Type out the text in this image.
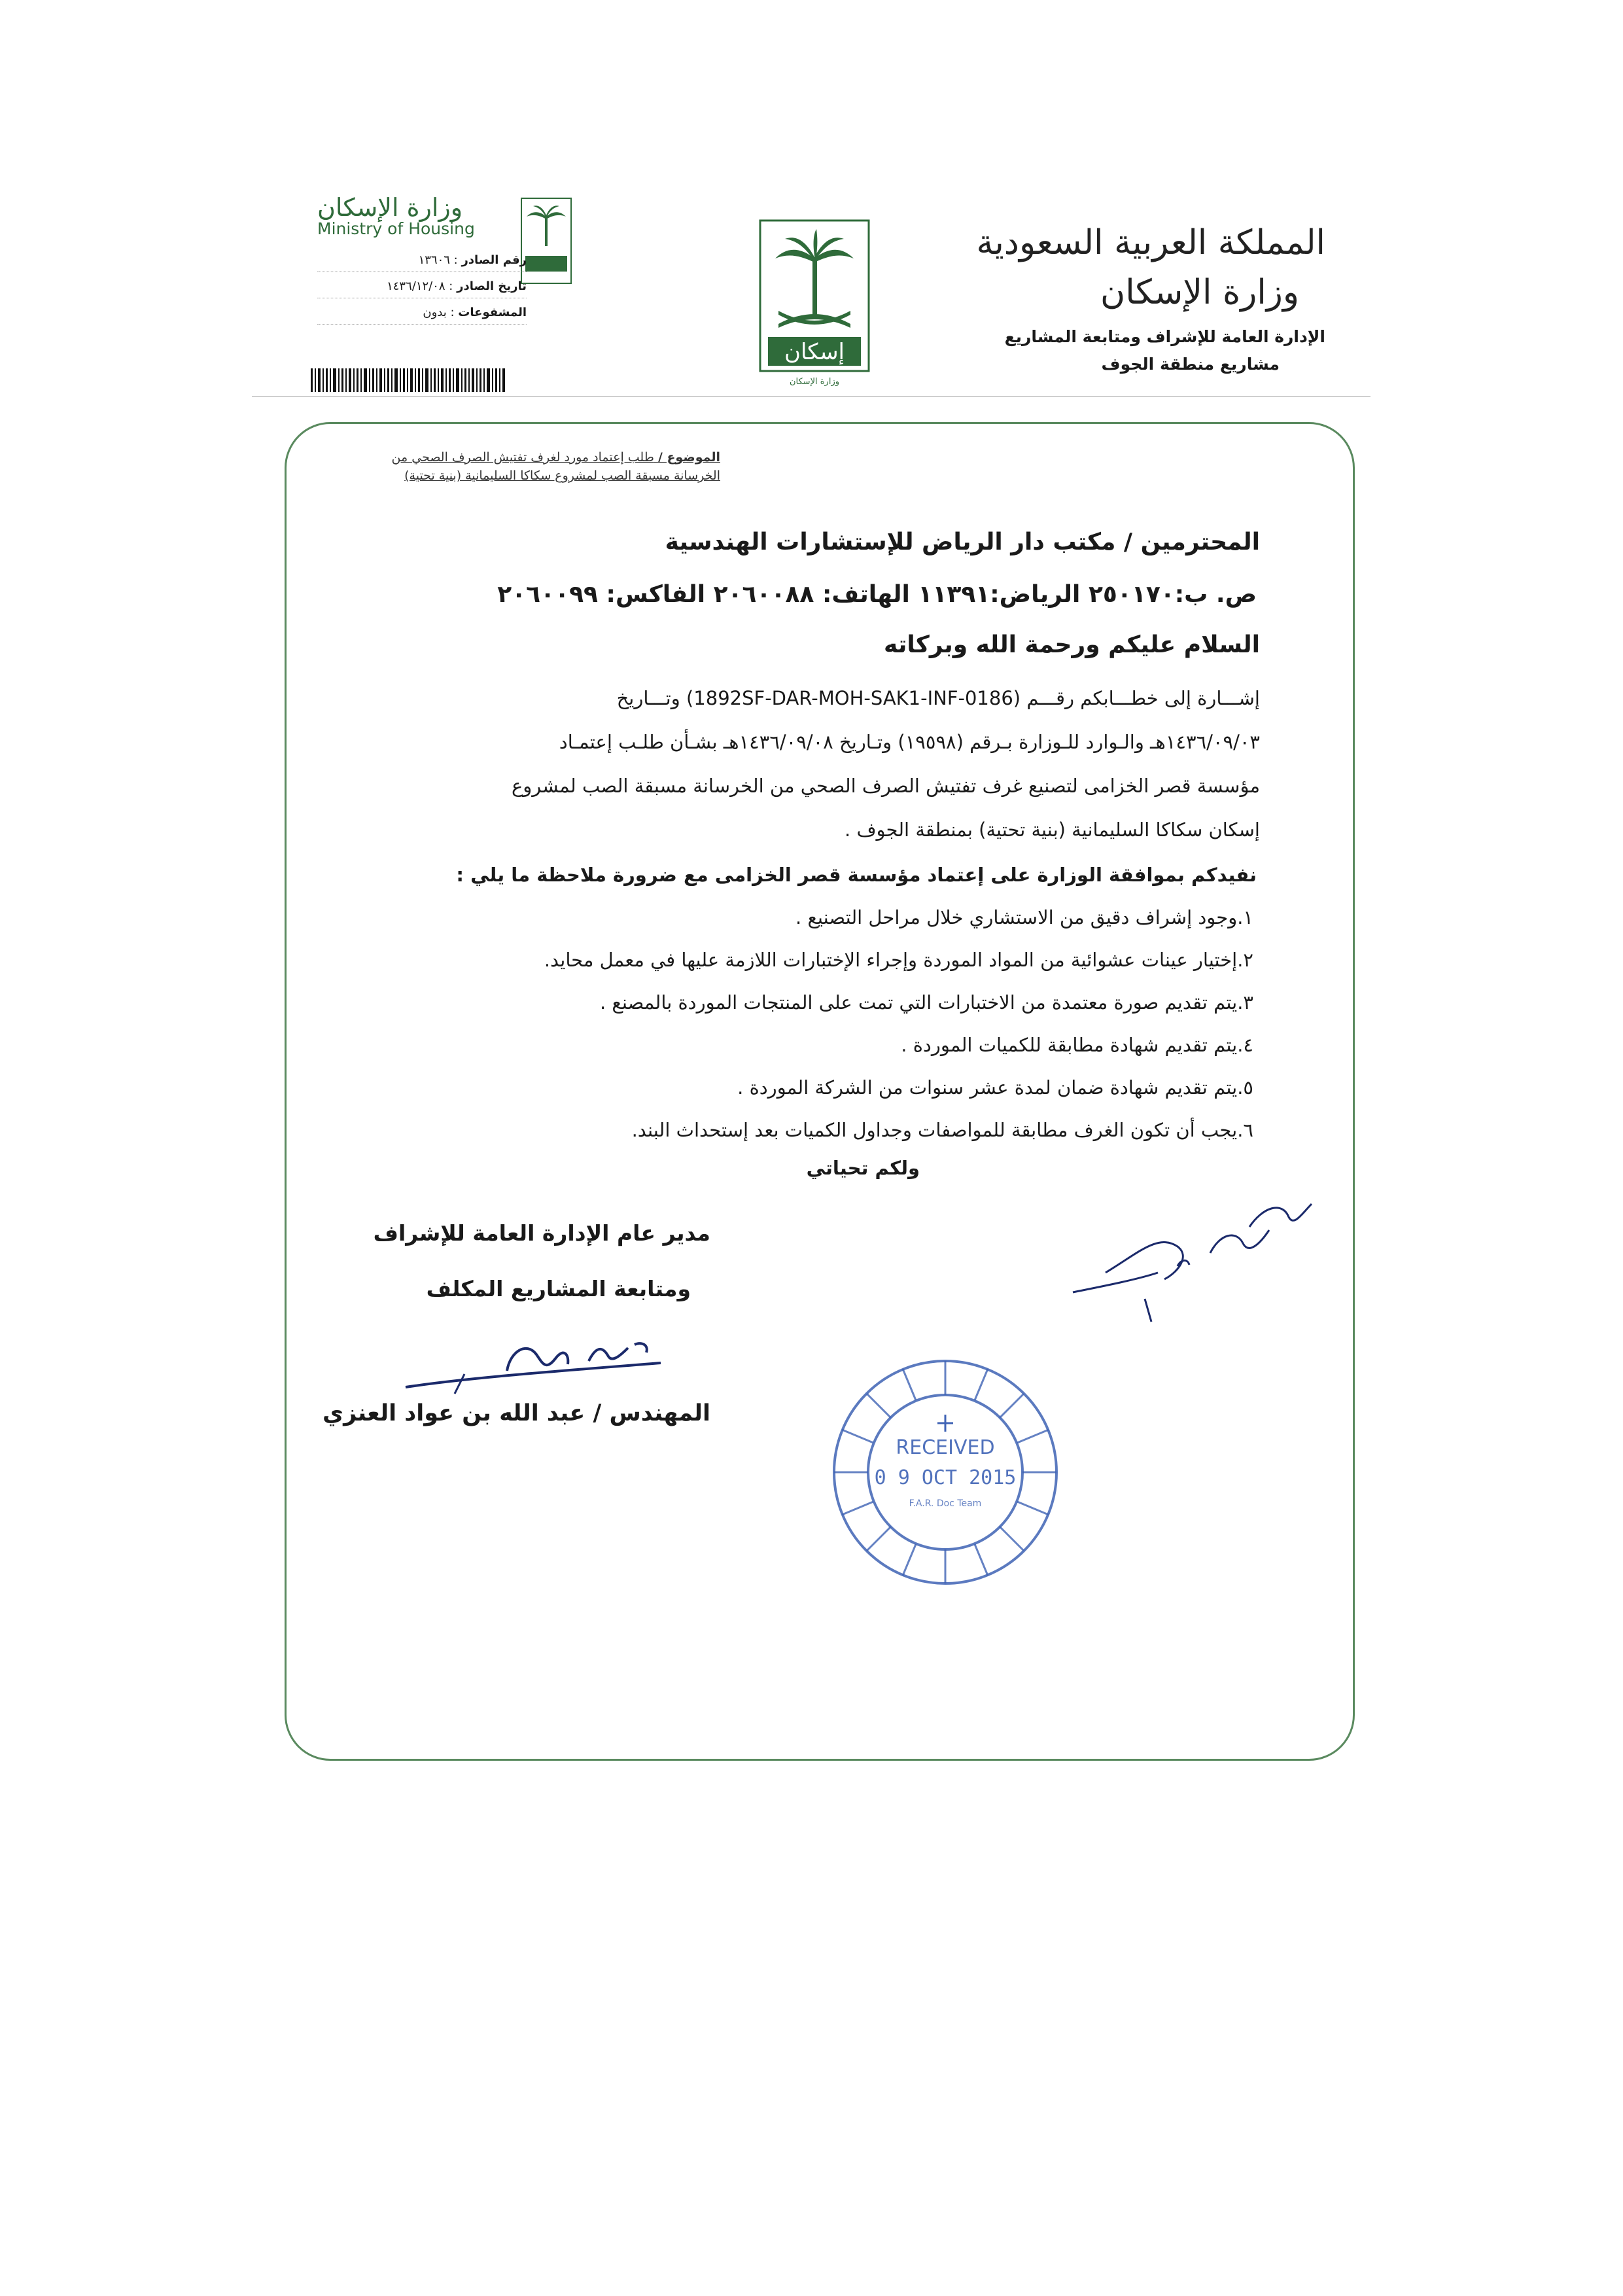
المملكة العربية السعودية
وزارة الإسكان
الإدارة العامة للإشراف ومتابعة المشاريع
مشاريع منطقة الجوف
إسكان
وزارة الإسكان
وزارة الإسكان
Ministry of Housing
رقم الصادر : ١٣٦٠٦
تاريخ الصادر : ١٤٣٦/١٢/٠٨
المشفوعات : بدون
الموضوع / طلب إعتماد مورد لغرف تفتيش الصرف الصحي من
الخرسانة مسبقة الصب لمشروع سكاكا السليمانية (بنية تحتية)
المحترمين / مكتب دار الرياض للإستشارات الهندسية
ص. ب:٢٥٠١٧٠ الرياض:١١٣٩١ الهاتف: ٢٠٦٠٠٨٨ الفاكس: ٢٠٦٠٠٩٩
السلام عليكم ورحمة الله وبركاته
إشـــارة إلى خطـــابكم رقـــم (1892SF-DAR-MOH-SAK1-INF-0186) وتـــاريخ
١٤٣٦/٠٩/٠٣هـ والـوارد للـوزارة بـرقم (١٩٥٩٨) وتـاريخ ١٤٣٦/٠٩/٠٨هـ بشـأن طلـب إعتمـاد
مؤسسة قصر الخزامى لتصنيع غرف تفتيش الصرف الصحي من الخرسانة مسبقة الصب لمشروع
إسكان سكاكا السليمانية (بنية تحتية) بمنطقة الجوف .
نفيدكم بموافقة الوزارة على إعتماد مؤسسة قصر الخزامى مع ضرورة ملاحظة ما يلي :
١.وجود إشراف دقيق من الاستشاري خلال مراحل التصنيع .
٢.إختيار عينات عشوائية من المواد الموردة وإجراء الإختبارات اللازمة عليها في معمل محايد.
٣.يتم تقديم صورة معتمدة من الاختبارات التي تمت على المنتجات الموردة بالمصنع .
٤.يتم تقديم شهادة مطابقة للكميات الموردة .
٥.يتم تقديم شهادة ضمان لمدة عشر سنوات من الشركة الموردة .
٦.يجب أن تكون الغرف مطابقة للمواصفات وجداول الكميات بعد إستحداث البند.
ولكم تحياتي
مدير عام الإدارة العامة للإشراف
ومتابعة المشاريع المكلف
المهندس / عبد الله بن عواد العنزي
RECEIVED
0 9 OCT 2015
F.A.R. Doc Team
